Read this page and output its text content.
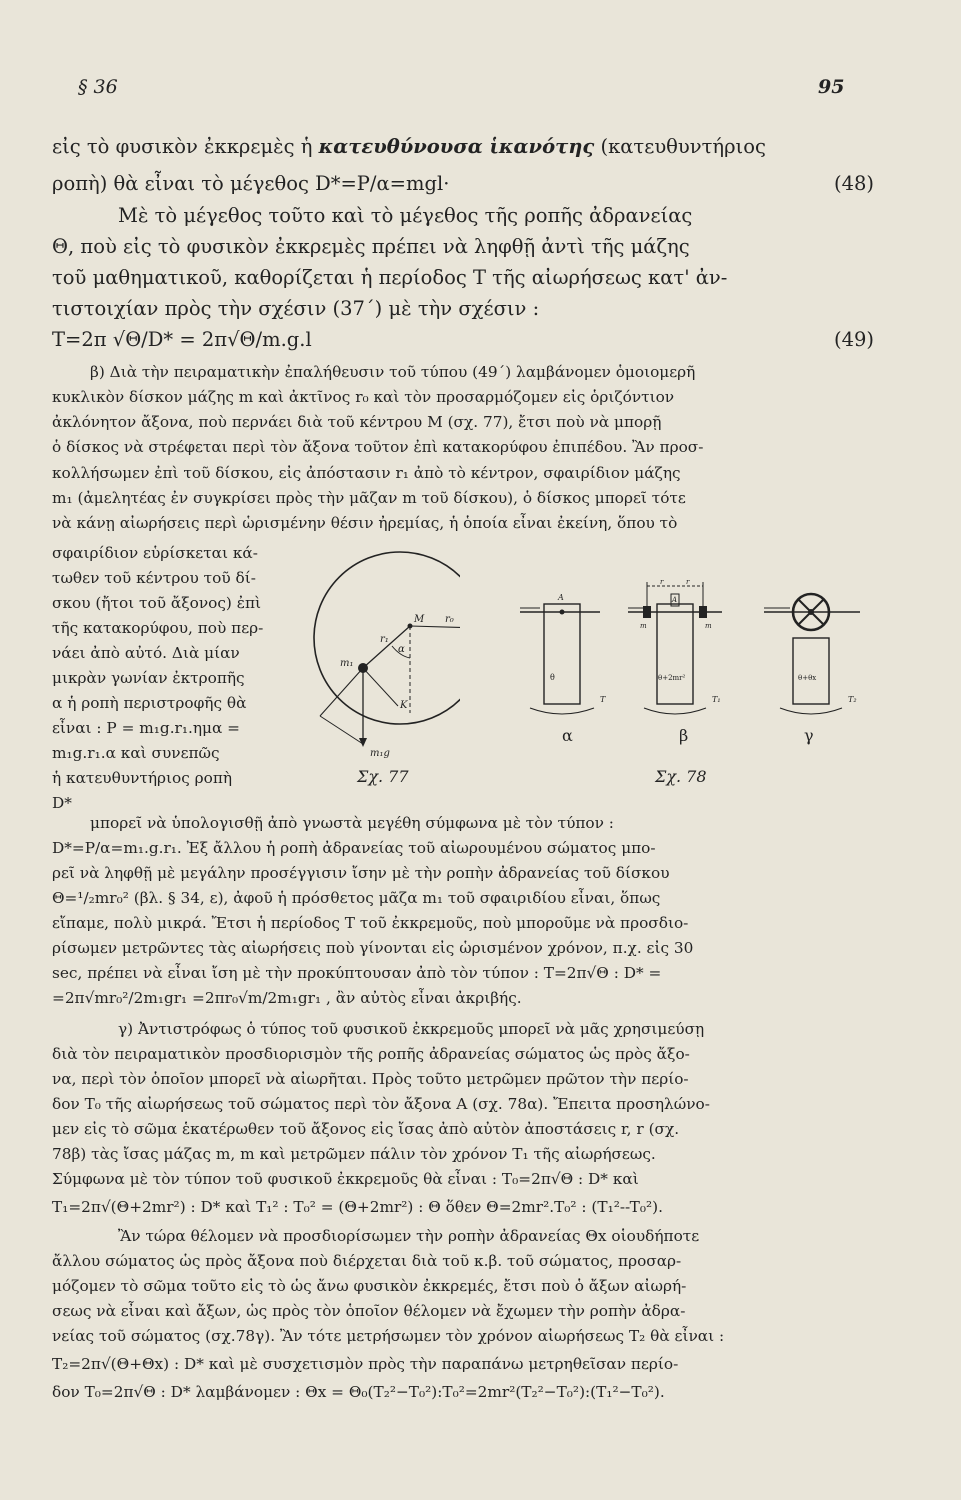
§ 36	95
εἰς τὸ φυσικὸν ἐκκρεμὲς ἡ κατευθύνουσα ἱκανότης (κατευθυντήριος
ροπὴ) θὰ εἶναι τὸ μέγεθος D*=P/α=mgl·	(48)
Μὲ τὸ μέγεθος τοῦτο καὶ τὸ μέγεθος τῆς ροπῆς ἀδρανείας
Θ, ποὺ εἰς τὸ φυσικὸν ἐκκρεμὲς πρέπει νὰ ληφθῇ ἀντὶ τῆς μάζης
τοῦ μαθηματικοῦ, καθορίζεται ἡ περίοδος Τ τῆς αἰωρήσεως κατ' ἀν-
τιστοιχίαν πρὸς τὴν σχέσιν (37΄) μὲ τὴν σχέσιν :
T=2π √Θ/D* = 2π√Θ/m.g.l	(49)
β) Διὰ τὴν πειραματικὴν ἐπαλήθευσιν τοῦ τύπου (49΄) λαμβάνομεν ὁμοιομερῆ
κυκλικὸν δίσκον μάζης m καὶ ἀκτῖνος r₀ καὶ τὸν προσαρμόζομεν εἰς ὁριζόντιον
ἀκλόνητον ἄξονα, ποὺ περνάει διὰ τοῦ κέντρου Μ (σχ. 77), ἔτσι ποὺ νὰ μπορῇ
ὁ δίσκος νὰ στρέφεται περὶ τὸν ἄξονα τοῦτον ἐπὶ κατακορύφου ἐπιπέδου. Ἂν προσ-
κολλήσωμεν ἐπὶ τοῦ δίσκου, εἰς ἀπόστασιν r₁ ἀπὸ τὸ κέντρον, σφαιρίδιον μάζης
m₁ (ἀμελητέας ἐν συγκρίσει πρὸς τὴν μᾶζαν m τοῦ δίσκου), ὁ δίσκος μπορεῖ τότε
νὰ κάνῃ αἰωρήσεις περὶ ὡρισμένην θέσιν ἠρεμίας, ἡ ὁποία εἶναι ἐκείνη, ὅπου τὸ
σφαιρίδιον εὑρίσκεται κά-
τωθεν τοῦ κέντρου τοῦ δί-
σκου (ἤτοι τοῦ ἄξονος) ἐπὶ
τῆς κατακορύφου, ποὺ περ-
νάει ἀπὸ αὐτό. Διὰ μίαν
μικρὰν γωνίαν ἐκτροπῆς
α ἡ ροπὴ περιστροφῆς θὰ
εἶναι : P = m₁g.r₁.ημα =
m₁g.r₁.α καὶ συνεπῶς
ἡ κατευθυντήριος ροπὴ
D*
M r₀
α
m₁
r₁
K
m₁g
Σχ. 77
A
θ
T
A
m	m
r	r
θ+2mr²
T₁
θ+θx
T₂
α	β	γ
Σχ. 78
μπορεῖ νὰ ὑπολογισθῇ ἀπὸ γνωστὰ μεγέθη σύμφωνα μὲ τὸν τύπον :
D*=P/α=m₁.g.r₁. Ἐξ ἄλλου ἡ ροπὴ ἀδρανείας τοῦ αἰωρουμένου σώματος μπο-
ρεῖ νὰ ληφθῇ μὲ μεγάλην προσέγγισιν ἴσην μὲ τὴν ροπὴν ἀδρανείας τοῦ δίσκου
Θ=¹/₂mr₀² (βλ. § 34, ε), ἀφοῦ ἡ πρόσθετος μᾶζα m₁ τοῦ σφαιριδίου εἶναι, ὅπως
εἴπαμε, πολὺ μικρά. Ἔτσι ἡ περίοδος Τ τοῦ ἐκκρεμοῦς, ποὺ μποροῦμε νὰ προσδιο-
ρίσωμεν μετρῶντες τὰς αἰωρήσεις ποὺ γίνονται εἰς ὡρισμένον χρόνον, π.χ. εἰς 30
sec, πρέπει νὰ εἶναι ἴση μὲ τὴν προκύπτουσαν ἀπὸ τὸν τύπον : T=2π√Θ : D* =
=2π√mr₀²/2m₁gr₁ =2πr₀√m/2m₁gr₁ , ἂν αὐτὸς εἶναι ἀκριβής.
γ) Ἀντιστρόφως ὁ τύπος τοῦ φυσικοῦ ἐκκρεμοῦς μπορεῖ νὰ μᾶς χρησιμεύσῃ
διὰ τὸν πειραματικὸν προσδιορισμὸν τῆς ροπῆς ἀδρανείας σώματος ὡς πρὸς ἄξο-
να, περὶ τὸν ὁποῖον μπορεῖ νὰ αἰωρῆται. Πρὸς τοῦτο μετρῶμεν πρῶτον τὴν περίο-
δον T₀ τῆς αἰωρήσεως τοῦ σώματος περὶ τὸν ἄξονα A (σχ. 78α). Ἔπειτα προσηλώνο-
μεν εἰς τὸ σῶμα ἑκατέρωθεν τοῦ ἄξονος εἰς ἴσας ἀπὸ αὐτὸν ἀποστάσεις r, r (σχ.
78β) τὰς ἴσας μάζας m, m καὶ μετρῶμεν πάλιν τὸν χρόνον T₁ τῆς αἰωρήσεως.
Σύμφωνα μὲ τὸν τύπον τοῦ φυσικοῦ ἐκκρεμοῦς θὰ εἶναι : T₀=2π√Θ : D* καὶ
T₁=2π√(Θ+2mr²) : D* καὶ T₁² : T₀² = (Θ+2mr²) : Θ ὅθεν Θ=2mr².T₀² : (T₁²--T₀²).
Ἂν τώρα θέλομεν νὰ προσδιορίσωμεν τὴν ροπὴν ἀδρανείας Θx οἱουδήποτε
ἄλλου σώματος ὡς πρὸς ἄξονα ποὺ διέρχεται διὰ τοῦ κ.β. τοῦ σώματος, προσαρ-
μόζομεν τὸ σῶμα τοῦτο εἰς τὸ ὡς ἄνω φυσικὸν ἐκκρεμές, ἔτσι ποὺ ὁ ἄξων αἰωρή-
σεως νὰ εἶναι καὶ ἄξων, ὡς πρὸς τὸν ὁποῖον θέλομεν νὰ ἔχωμεν τὴν ροπὴν ἀδρα-
νείας τοῦ σώματος (σχ.78γ). Ἂν τότε μετρήσωμεν τὸν χρόνον αἰωρήσεως T₂ θὰ εἶναι :
T₂=2π√(Θ+Θx) : D* καὶ μὲ συσχετισμὸν πρὸς τὴν παραπάνω μετρηθεῖσαν περίο-
δον T₀=2π√Θ : D* λαμβάνομεν : Θx = Θ₀(T₂²−T₀²):T₀²=2mr²(T₂²−T₀²):(T₁²−T₀²).
